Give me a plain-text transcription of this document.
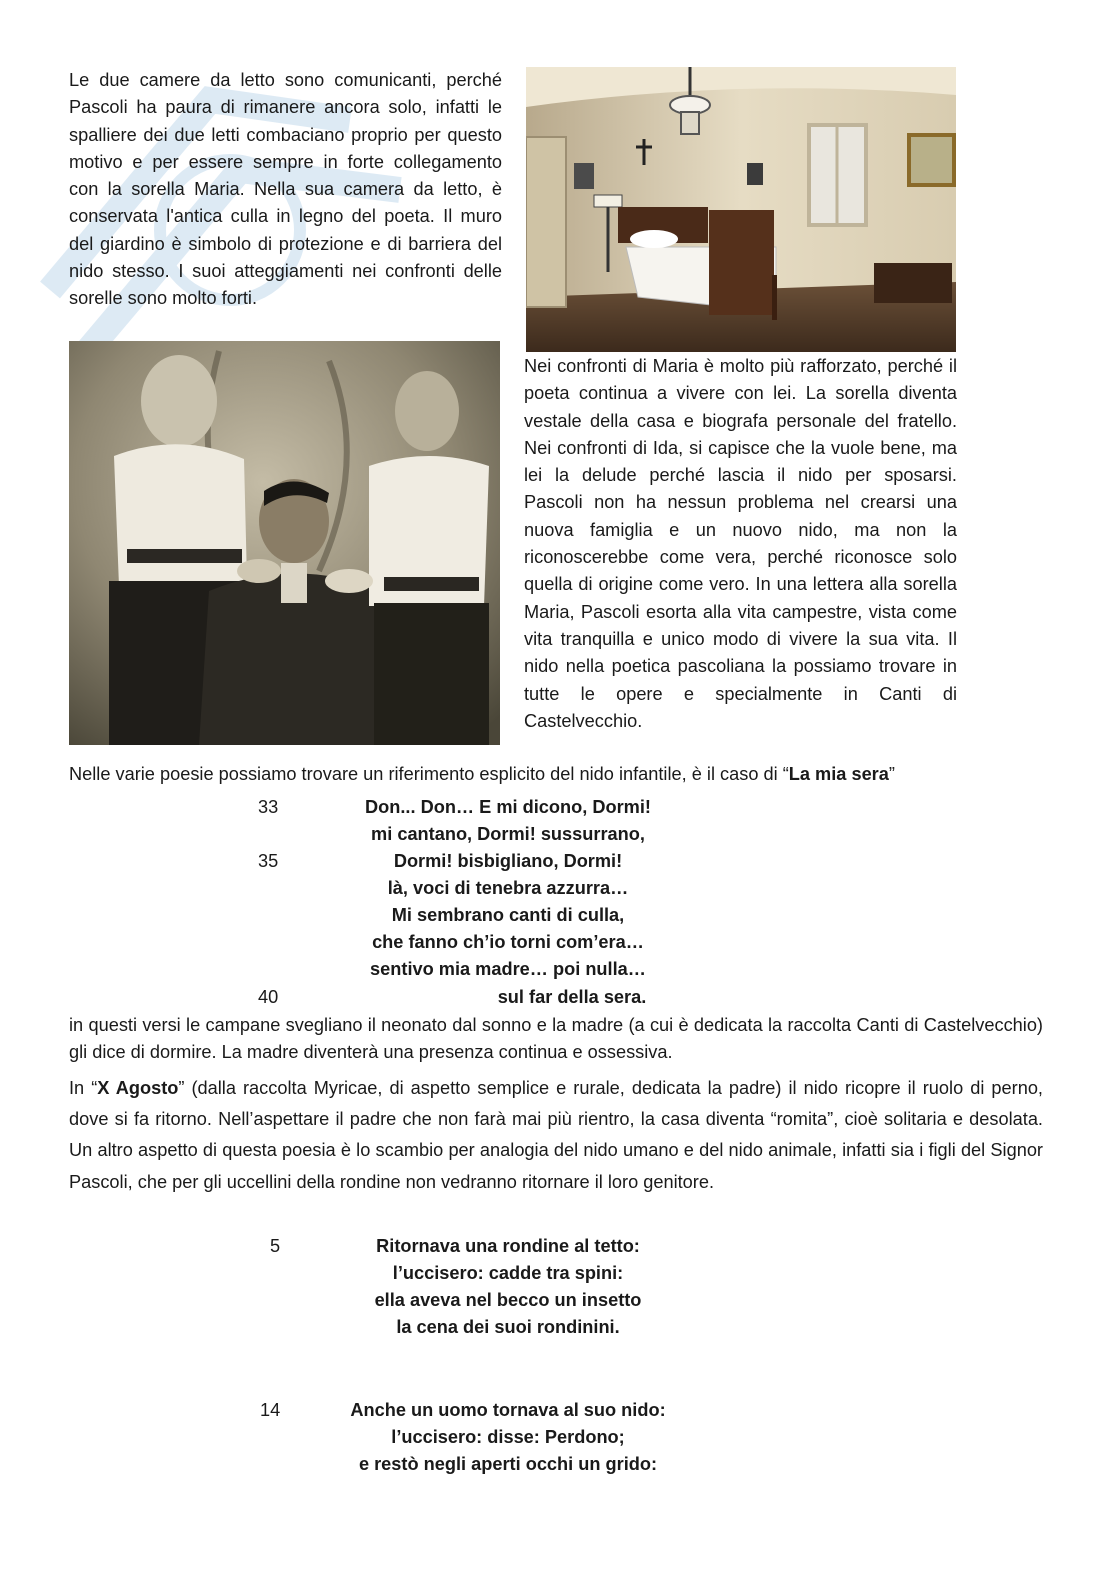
Le due camere da letto sono comunicanti, perché Pascoli ha paura di rimanere ancora solo, infatti le spalliere dei due letti combaciano proprio per questo motivo e per essere sempre in forte collegamento con la sorella Maria. Nella sua camera da letto, è conservata l'antica culla in legno del poeta. Il muro del giardino è simbolo di protezione e di barriera del nido stesso. I suoi atteggiamenti nei confronti delle sorelle sono molto forti.

Nei confronti di Maria è molto più rafforzato, perché il poeta continua a vivere con lei. La sorella diventa vestale della casa e biografa personale del fratello. Nei confronti di Ida, si capisce che la vuole bene, ma lei la delude perché lascia il nido per sposarsi. Pascoli non ha nessun problema nel crearsi una nuova famiglia e un nuovo nido, ma non la riconoscerebbe come vera, perché riconosce solo quella di origine come vero. In una lettera alla sorella Maria, Pascoli esorta alla vita campestre, vista come vita tranquilla e unico modo di vivere la sua vita. Il nido nella poetica pascoliana la possiamo trovare in tutte le opere e specialmente in Canti di Castelvecchio.

Nelle varie poesie possiamo trovare un riferimento esplicito del nido infantile, è il caso di “La mia sera”
33	Don... Don… E mi dicono, Dormi!
mi cantano, Dormi! sussurrano,
35	Dormi! bisbigliano, Dormi!
là, voci di tenebra azzurra…
Mi sembrano canti di culla,
che fanno ch’io torni com’era…
sentivo mia madre… poi nulla…
40	sul far della sera.

in questi versi le campane svegliano il neonato dal sonno e la madre (a cui è dedicata la raccolta Canti di Castelvecchio) gli dice di dormire. La madre diventerà una presenza continua e ossessiva.

In “X Agosto” (dalla raccolta Myricae, di aspetto semplice e rurale, dedicata la padre) il nido ricopre il ruolo di perno, dove si fa ritorno. Nell’aspettare il padre che non farà mai più rientro, la casa diventa “romita”, cioè solitaria e desolata. Un altro aspetto di questa poesia è lo scambio per analogia del nido umano e del nido animale, infatti sia i figli del Signor Pascoli, che per gli uccellini della rondine non vedranno ritornare il loro genitore.

5	Ritornava una rondine al tetto:
l’uccisero: cadde tra spini:
ella aveva nel becco un insetto
la cena dei suoi rondinini.
14	Anche un uomo tornava al suo nido:
l’uccisero: disse: Perdono;
e restò negli aperti occhi un grido:
